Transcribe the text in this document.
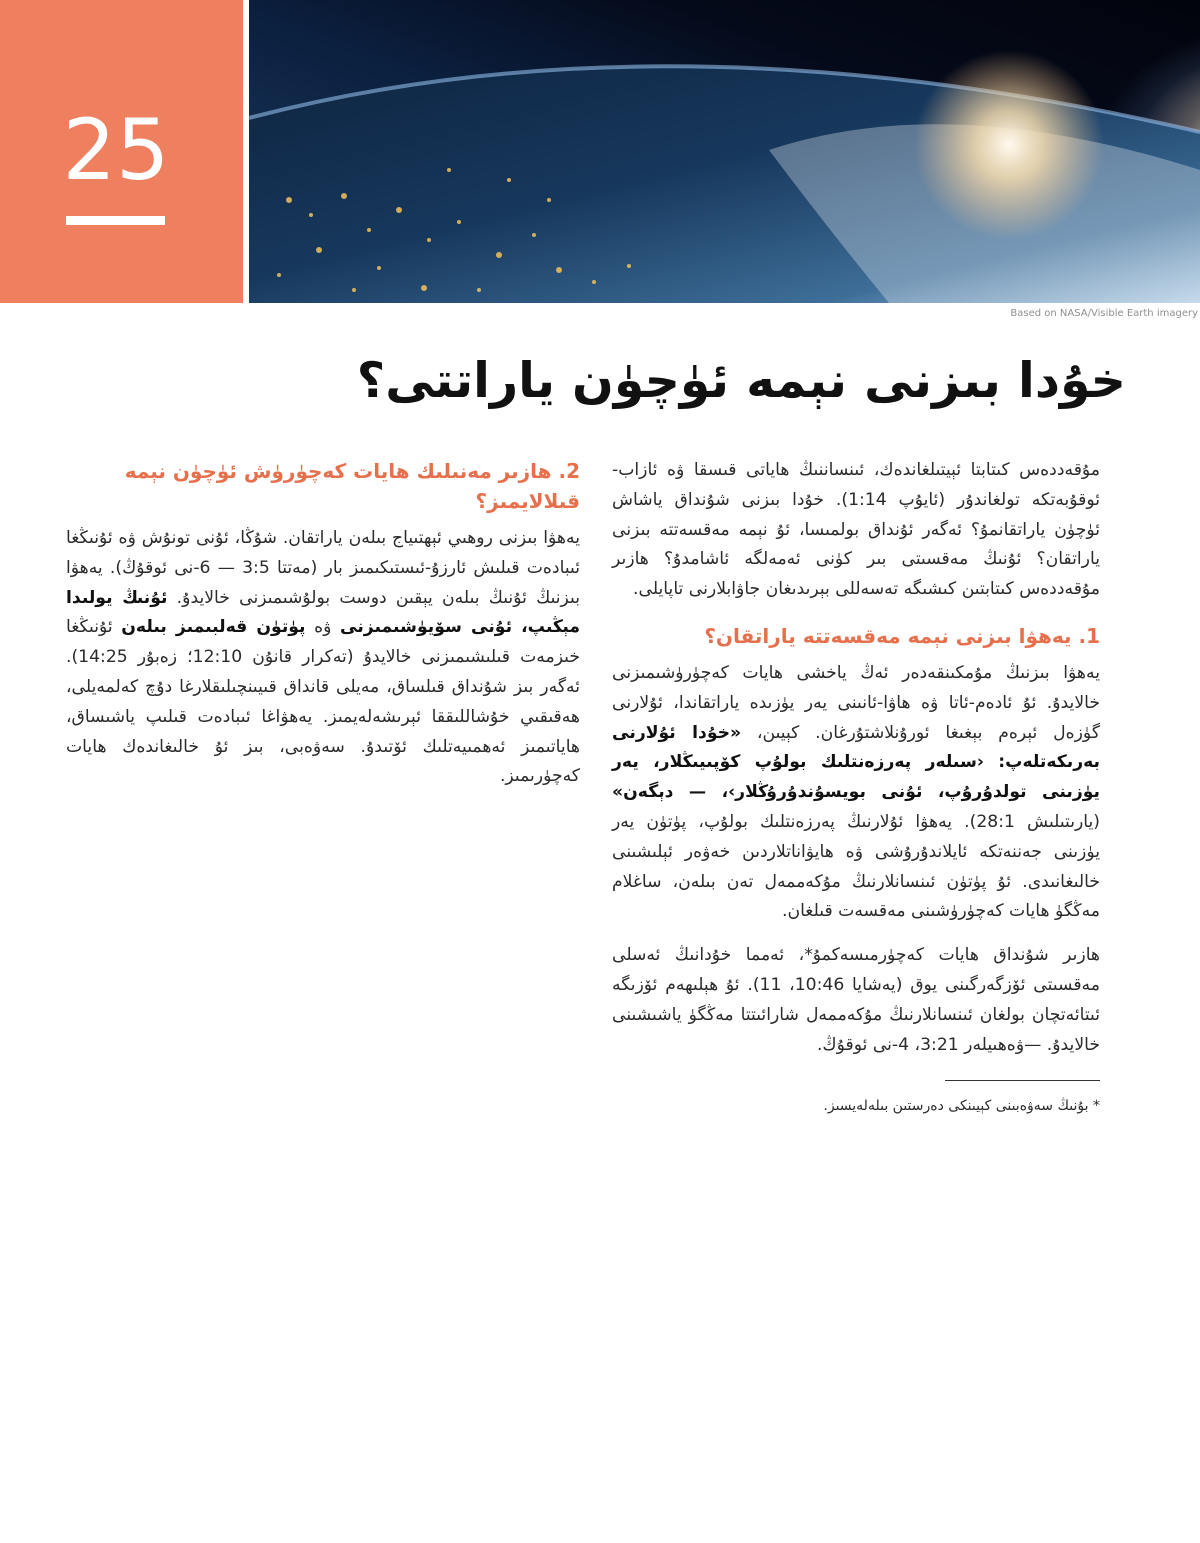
25
Based on NASA/Visible Earth imagery
خۇدا بىزنى نېمە ئۈچۈن ياراتتى؟

مۇقەددەس كىتابتا ئېيتىلغاندەك، ئىنساننىڭ ھاياتى قىسقا ۋە ئازاب-ئوقۇبەتكە تولغاندۇر (ئايۇپ 1:14). خۇدا بىزنى شۇنداق ياشاش ئۈچۈن ياراتقانمۇ؟ ئەگەر ئۇنداق بولمىسا، ئۇ نېمە مەقسەتتە بىزنى ياراتقان؟ ئۇنىڭ مەقسىتى بىر كۈنى ئەمەلگە ئاشامدۇ؟ ھازىر مۇقەددەس كىتابتىن كىشىگە تەسەللى بېرىدىغان جاۋابلارنى تاپايلى.

1. يەھۋا بىزنى نېمە مەقسەتتە ياراتقان؟

يەھۋا بىزنىڭ مۇمكىنقەدەر ئەڭ ياخشى ھايات كەچۈرۈشىمىزنى خالايدۇ. ئۇ ئادەم-ئاتا ۋە ھاۋا-ئانىنى يەر يۈزىدە ياراتقاندا، ئۇلارنى گۈزەل ئېرەم بېغىغا ئورۇنلاشتۇرغان. كېيىن، «خۇدا ئۇلارنى بەرىكەتلەپ: ‹سىلەر پەرزەنتلىك بولۇپ كۆپىيىڭلار، يەر يۈزىنى تولدۇرۇپ، ئۇنى بويسۇندۇرۇڭلار›، — دېگەن» (يارىتىلىش 28:1). يەھۋا ئۇلارنىڭ پەرزەنتلىك بولۇپ، پۈتۈن يەر يۈزىنى جەننەتكە ئايلاندۇرۇشى ۋە ھايۋاناتلاردىن خەۋەر ئېلىشىنى خالىغانىدى. ئۇ پۈتۈن ئىنسانلارنىڭ مۇكەممەل تەن بىلەن، ساغلام مەڭگۈ ھايات كەچۈرۈشىنى مەقسەت قىلغان.

ھازىر شۇنداق ھايات كەچۈرمىسەكمۇ*، ئەمما خۇدانىڭ ئەسلى مەقسىتى ئۆزگەرگىنى يوق (يەشايا 10:46، 11). ئۇ ھېلىھەم ئۆزىگە ئىتائەتچان بولغان ئىنسانلارنىڭ مۇكەممەل شارائىتتا مەڭگۈ ياشىشىنى خالايدۇ. —ۋەھىيلەر 3:21، 4-نى ئوقۇڭ.

* بۇنىڭ سەۋەبىنى كېيىنكى دەرستىن بىلەلەيسىز.
2. ھازىر مەنىلىك ھايات كەچۈرۈش ئۈچۈن نېمە قىلالايمىز؟

يەھۋا بىزنى روھىي ئېھتىياج بىلەن ياراتقان. شۇڭا، ئۇنى تونۇش ۋە ئۇنىڭغا ئىبادەت قىلىش ئارزۇ-ئىستىكىمىز بار (مەتتا 3:5 — 6-نى ئوقۇڭ). يەھۋا بىزنىڭ ئۇنىڭ بىلەن يېقىن دوست بولۇشىمىزنى خالايدۇ. ئۇنىڭ يولىدا مېڭىپ، ئۇنى سۆيۈشىمىزنى ۋە پۈتۈن قەلبىمىز بىلەن ئۇنىڭغا خىزمەت قىلىشىمىزنى خالايدۇ (تەكرار قانۇن 12:10؛ زەبۇر 14:25). ئەگەر بىز شۇنداق قىلساق، مەيلى قانداق قىيىنچىلىقلارغا دۇچ كەلمەيلى، ھەقىقىي خۇشاللىققا ئېرىشەلەيمىز. يەھۋاغا ئىبادەت قىلىپ ياشىساق، ھاياتىمىز ئەھمىيەتلىك ئۆتىدۇ. سەۋەبى، بىز ئۇ خالىغاندەك ھايات كەچۈرىمىز.
